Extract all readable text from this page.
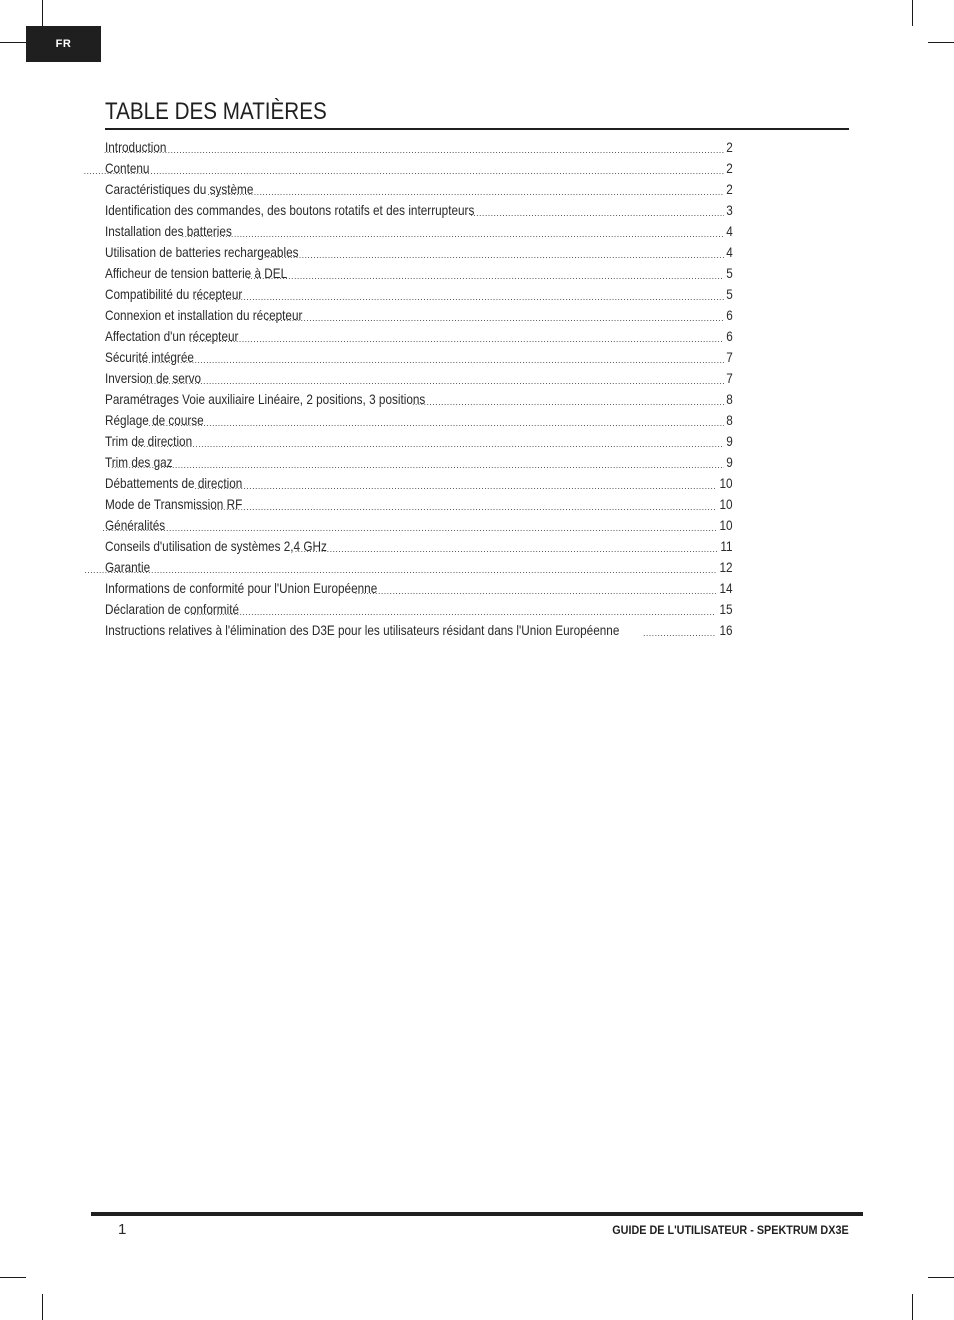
FR
TABLE DES MATIÈRES
Introduction .....	2
Contenu .....	2
Caractéristiques du système .....	2
Identification des commandes, des boutons rotatifs et des interrupteurs .....	3
Installation des batteries .....	4
Utilisation de batteries rechargeables .....	4
Afficheur de tension batterie à DEL .....	5
Compatibilité du récepteur .....	5
Connexion et installation du récepteur .....	6
Affectation d'un récepteur .....	6
Sécurité intégrée .....	7
Inversion de servo .....	7
Paramétrages Voie auxiliaire Linéaire, 2 positions, 3 positions .....	8
Réglage de course .....	8
Trim de direction .....	9
Trim des gaz .....	9
Débattements de direction .....	10
Mode de Transmission RF .....	10
Généralités .....	10
Conseils d'utilisation de systèmes 2,4 GHz .....	11
Garantie .....	12
Informations de conformité pour l'Union Européenne .....	14
Déclaration de conformité .....	15
Instructions relatives à l'élimination des D3E pour les utilisateurs résidant dans l'Union Européenne .....	16
1	GUIDE DE L'UTILISATEUR - SPEKTRUM DX3E
